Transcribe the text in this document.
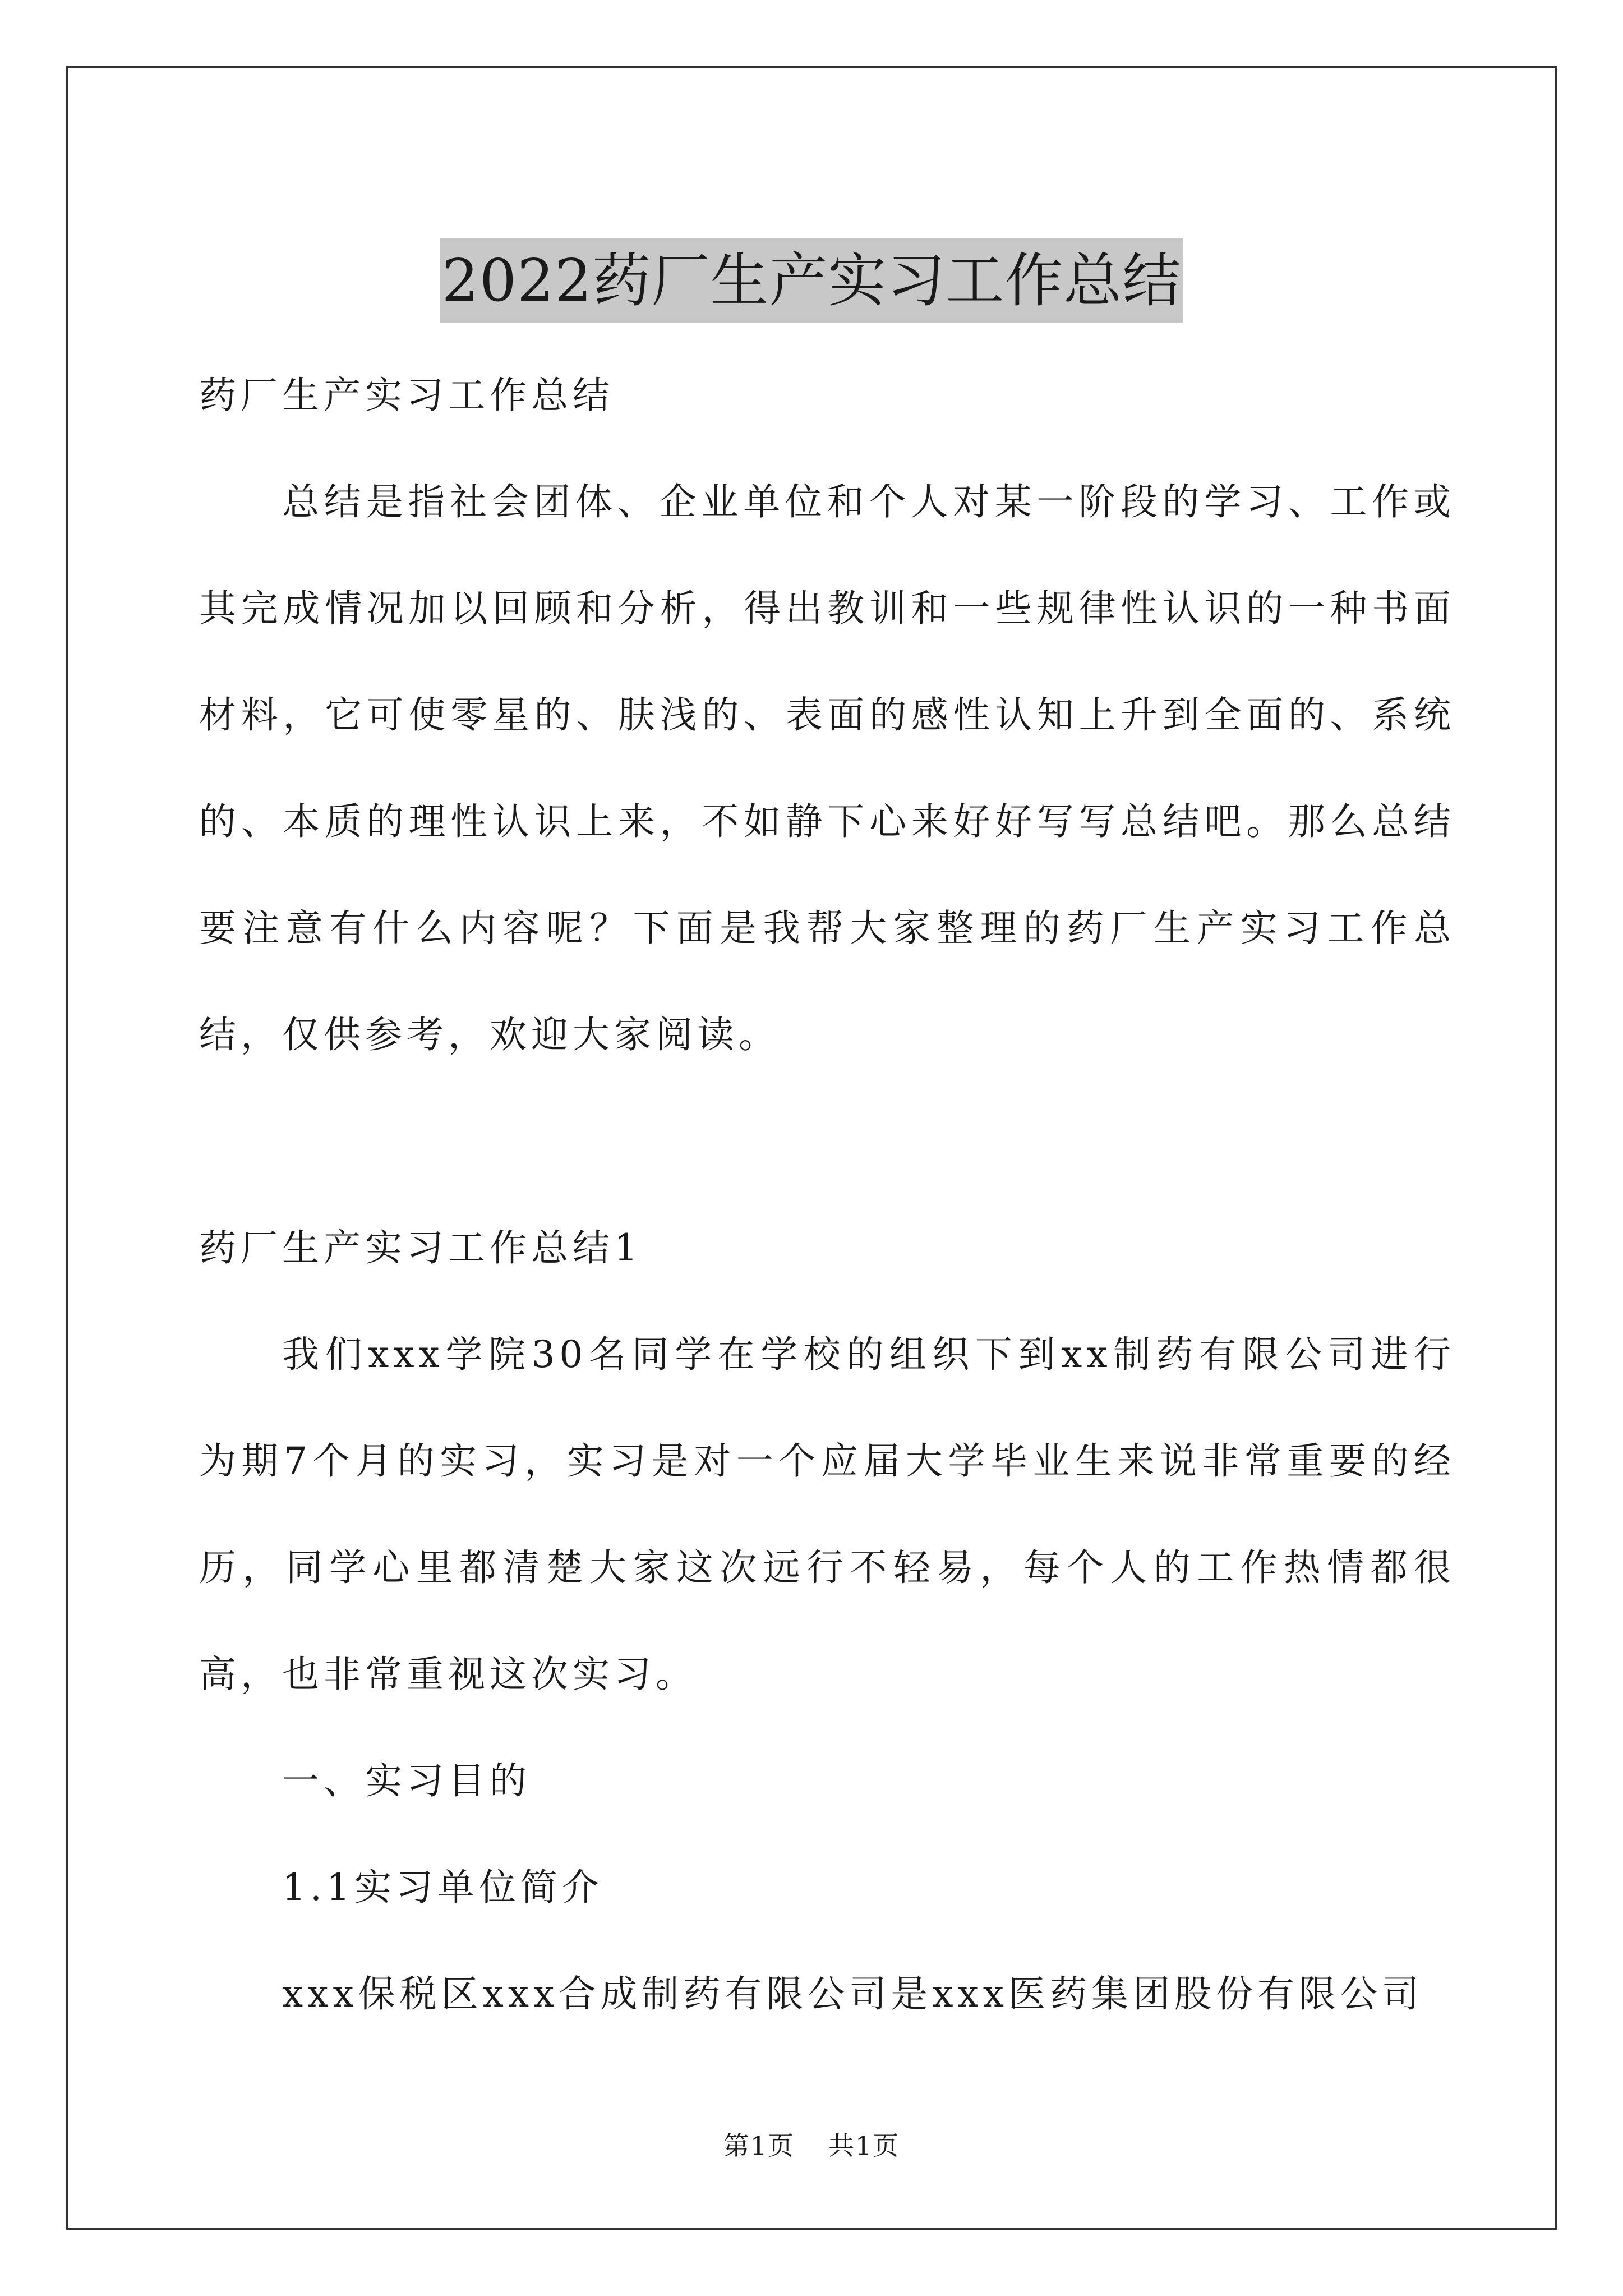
2022药厂生产实习工作总结

药厂生产实习工作总结

总结是指社会团体、企业单位和个人对某一阶段的学习、工作或其完成情况加以回顾和分析，得出教训和一些规律性认识的一种书面材料，它可使零星的、肤浅的、表面的感性认知上升到全面的、系统的、本质的理性认识上来，不如静下心来好好写写总结吧。那么总结要注意有什么内容呢？下面是我帮大家整理的药厂生产实习工作总结，仅供参考，欢迎大家阅读。

药厂生产实习工作总结1

我们xxx学院30名同学在学校的组织下到xx制药有限公司进行为期7个月的实习，实习是对一个应届大学毕业生来说非常重要的经历，同学心里都清楚大家这次远行不轻易，每个人的工作热情都很高，也非常重视这次实习。

一、实习目的

1.1实习单位简介

xxx保税区xxx合成制药有限公司是xxx医药集团股份有限公司

第1页 共1页
